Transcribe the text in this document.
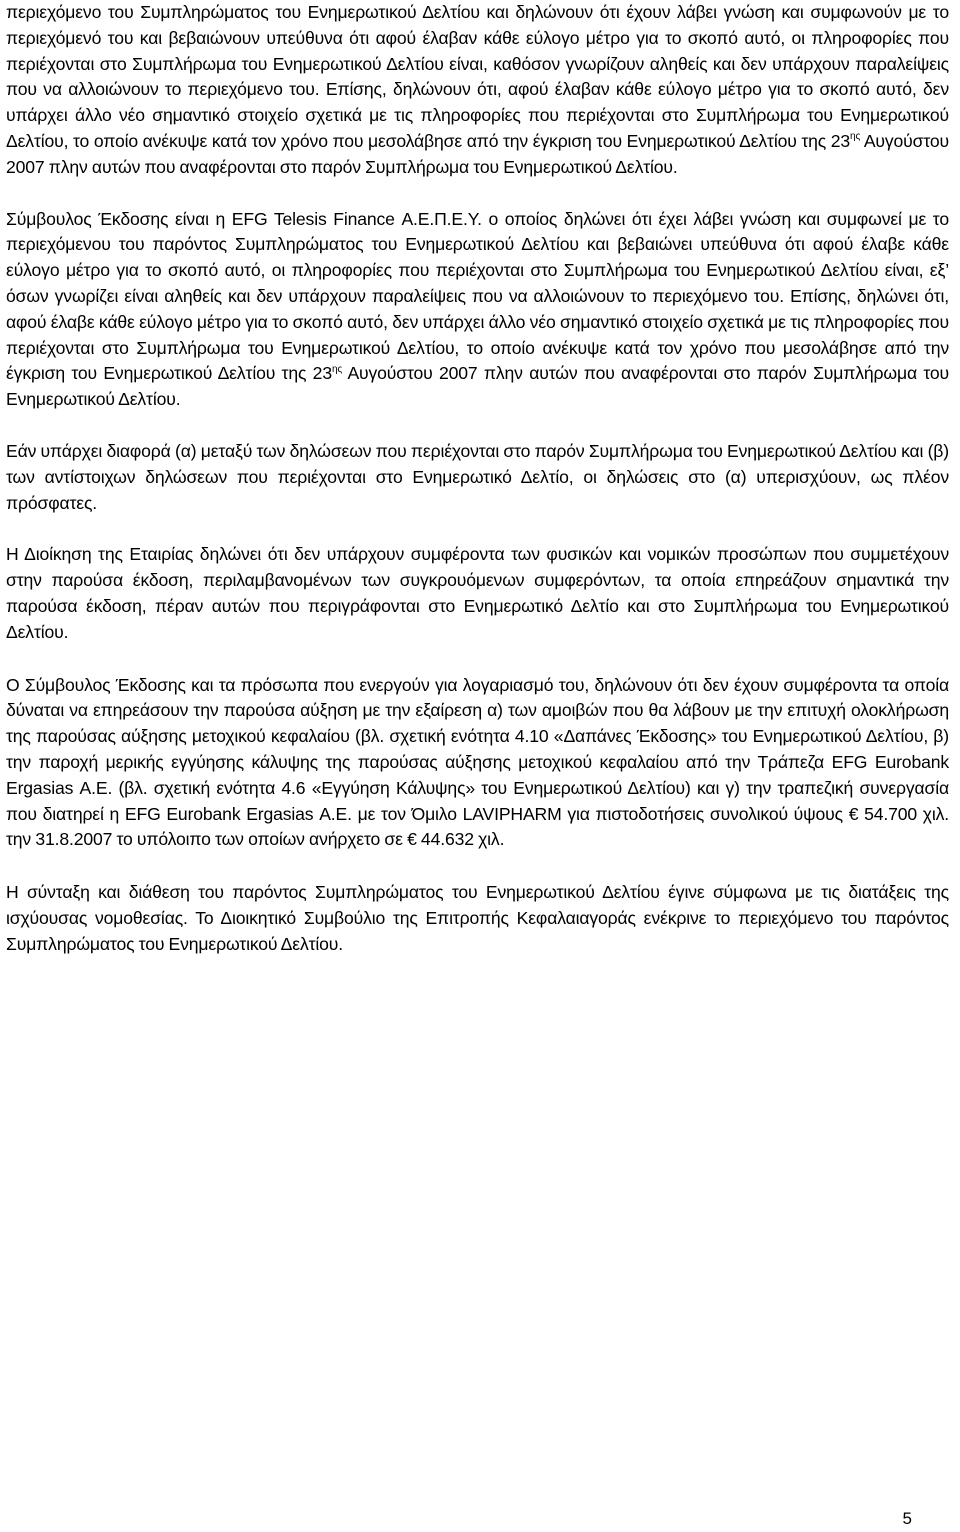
περιεχόμενο του Συμπληρώματος του Ενημερωτικού Δελτίου και δηλώνουν ότι έχουν λάβει γνώση και συμφωνούν με το περιεχόμενό του και βεβαιώνουν υπεύθυνα ότι αφού έλαβαν κάθε εύλογο μέτρο για το σκοπό αυτό, οι πληροφορίες που περιέχονται στο Συμπλήρωμα του Ενημερωτικού Δελτίου είναι, καθόσον γνωρίζουν αληθείς και δεν υπάρχουν παραλείψεις που να αλλοιώνουν το περιεχόμενο του. Επίσης, δηλώνουν ότι, αφού έλαβαν κάθε εύλογο μέτρο για το σκοπό αυτό, δεν υπάρχει άλλο νέο σημαντικό στοιχείο σχετικά με τις πληροφορίες που περιέχονται στο Συμπλήρωμα του Ενημερωτικού Δελτίου, το οποίο ανέκυψε κατά τον χρόνο που μεσολάβησε από την έγκριση του Ενημερωτικού Δελτίου της $23^{\eta\varsigma}$ Αυγούστου 2007 πλην αυτών που αναφέρονται στο παρόν Συμπλήρωμα του Ενημερωτικού Δελτίου.

Σύμβουλος Έκδοσης είναι η EFG Telesis Finance Α.Ε.Π.Ε.Υ. ο οποίος δηλώνει ότι έχει λάβει γνώση και συμφωνεί με το περιεχόμενου του παρόντος Συμπληρώματος του Ενημερωτικού Δελτίου και βεβαιώνει υπεύθυνα ότι αφού έλαβε κάθε εύλογο μέτρο για το σκοπό αυτό, οι πληροφορίες που περιέχονται στο Συμπλήρωμα του Ενημερωτικού Δελτίου είναι, εξ’ όσων γνωρίζει είναι αληθείς και δεν υπάρχουν παραλείψεις που να αλλοιώνουν το περιεχόμενο του. Επίσης, δηλώνει ότι, αφού έλαβε κάθε εύλογο μέτρο για το σκοπό αυτό, δεν υπάρχει άλλο νέο σημαντικό στοιχείο σχετικά με τις πληροφορίες που περιέχονται στο Συμπλήρωμα του Ενημερωτικού Δελτίου, το οποίο ανέκυψε κατά τον χρόνο που μεσολάβησε από την έγκριση του Ενημερωτικού Δελτίου της $23^{\eta\varsigma}$ Αυγούστου 2007 πλην αυτών που αναφέρονται στο παρόν Συμπλήρωμα του Ενημερωτικού Δελτίου.

Εάν υπάρχει διαφορά (α) μεταξύ των δηλώσεων που περιέχονται στο παρόν Συμπλήρωμα του Ενημερωτικού Δελτίου και (β) των αντίστοιχων δηλώσεων που περιέχονται στο Ενημερωτικό Δελτίο, οι δηλώσεις στο (α) υπερισχύουν, ως πλέον πρόσφατες.

Η Διοίκηση της Εταιρίας δηλώνει ότι δεν υπάρχουν συμφέροντα των φυσικών και νομικών προσώπων που συμμετέχουν στην παρούσα έκδοση, περιλαμβανομένων των συγκρουόμενων συμφερόντων, τα οποία επηρεάζουν σημαντικά την παρούσα έκδοση, πέραν αυτών που περιγράφονται στο Ενημερωτικό Δελτίο και στο Συμπλήρωμα του Ενημερωτικού Δελτίου.

Ο Σύμβουλος Έκδοσης και τα πρόσωπα που ενεργούν για λογαριασμό του, δηλώνουν ότι δεν έχουν συμφέροντα τα οποία δύναται να επηρεάσουν την παρούσα αύξηση με την εξαίρεση α) των αμοιβών που θα λάβουν με την επιτυχή ολοκλήρωση της παρούσας αύξησης μετοχικού κεφαλαίου (βλ. σχετική ενότητα 4.10 «Δαπάνες Έκδοσης» του Ενημερωτικού Δελτίου, β) την παροχή μερικής εγγύησης κάλυψης της παρούσας αύξησης μετοχικού κεφαλαίου από την Τράπεζα EFG Eurobank Ergasias Α.Ε. (βλ. σχετική ενότητα 4.6 «Εγγύηση Κάλυψης» του Ενημερωτικού Δελτίου) και γ) την τραπεζική συνεργασία που διατηρεί η EFG Eurobank Ergasias Α.Ε. με τον Όμιλο LAVIPHARM για πιστοδοτήσεις συνολικού ύψους € 54.700 χιλ. την 31.8.2007 το υπόλοιπο των οποίων ανήρχετο σε € 44.632 χιλ.

Η σύνταξη και διάθεση του παρόντος Συμπληρώματος του Ενημερωτικού Δελτίου έγινε σύμφωνα με τις διατάξεις της ισχύουσας νομοθεσίας. Το Διοικητικό Συμβούλιο της Επιτροπής Κεφαλαιαγοράς ενέκρινε το περιεχόμενο του παρόντος Συμπληρώματος του Ενημερωτικού Δελτίου.

5
